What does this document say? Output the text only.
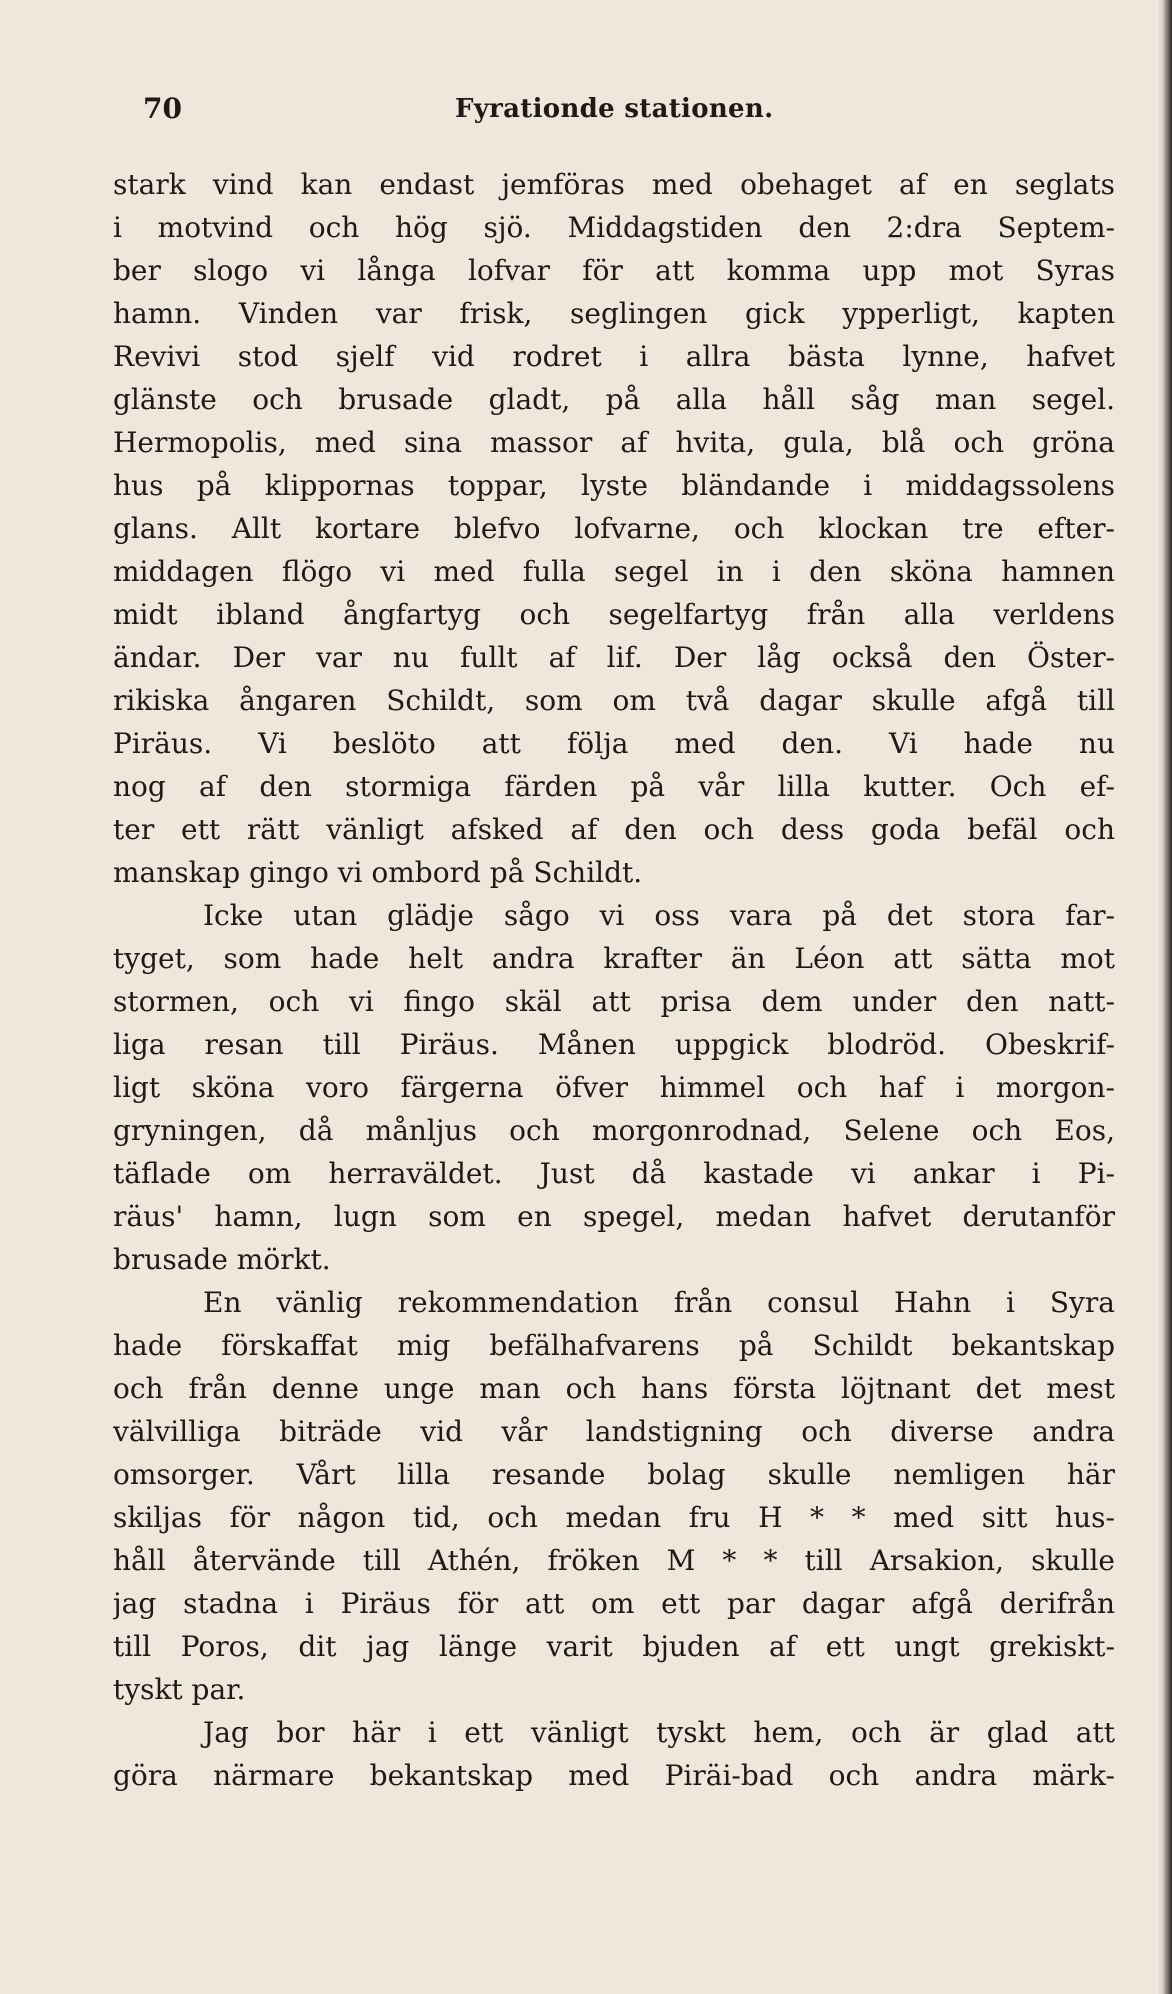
70	Fyrationde stationen.
stark vind kan endast jemföras med obehaget af en seglats
i motvind och hög sjö. Middagstiden den 2:dra Septem-
ber slogo vi långa lofvar för att komma upp mot Syras
hamn. Vinden var frisk, seglingen gick ypperligt, kapten
Revivi stod sjelf vid rodret i allra bästa lynne, hafvet
glänste och brusade gladt, på alla håll såg man segel.
Hermopolis, med sina massor af hvita, gula, blå och gröna
hus på klippornas toppar, lyste bländande i middagssolens
glans. Allt kortare blefvo lofvarne, och klockan tre efter-
middagen flögo vi med fulla segel in i den sköna hamnen
midt ibland ångfartyg och segelfartyg från alla verldens
ändar. Der var nu fullt af lif. Der låg också den Öster-
rikiska ångaren Schildt, som om två dagar skulle afgå till
Piräus. Vi beslöto att följa med den. Vi hade nu
nog af den stormiga färden på vår lilla kutter. Och ef-
ter ett rätt vänligt afsked af den och dess goda befäl och
manskap gingo vi ombord på Schildt.
Icke utan glädje sågo vi oss vara på det stora far-
tyget, som hade helt andra krafter än Léon att sätta mot
stormen, och vi fingo skäl att prisa dem under den natt-
liga resan till Piräus. Månen uppgick blodröd. Obeskrif-
ligt sköna voro färgerna öfver himmel och haf i morgon-
gryningen, då månljus och morgonrodnad, Selene och Eos,
täflade om herraväldet. Just då kastade vi ankar i Pi-
räus' hamn, lugn som en spegel, medan hafvet derutanför
brusade mörkt.
En vänlig rekommendation från consul Hahn i Syra
hade förskaffat mig befälhafvarens på Schildt bekantskap
och från denne unge man och hans första löjtnant det mest
välvilliga biträde vid vår landstigning och diverse andra
omsorger. Vårt lilla resande bolag skulle nemligen här
skiljas för någon tid, och medan fru H * * med sitt hus-
håll återvände till Athén, fröken M * * till Arsakion, skulle
jag stadna i Piräus för att om ett par dagar afgå derifrån
till Poros, dit jag länge varit bjuden af ett ungt grekiskt-
tyskt par.
Jag bor här i ett vänligt tyskt hem, och är glad att
göra närmare bekantskap med Piräi-bad och andra märk-
